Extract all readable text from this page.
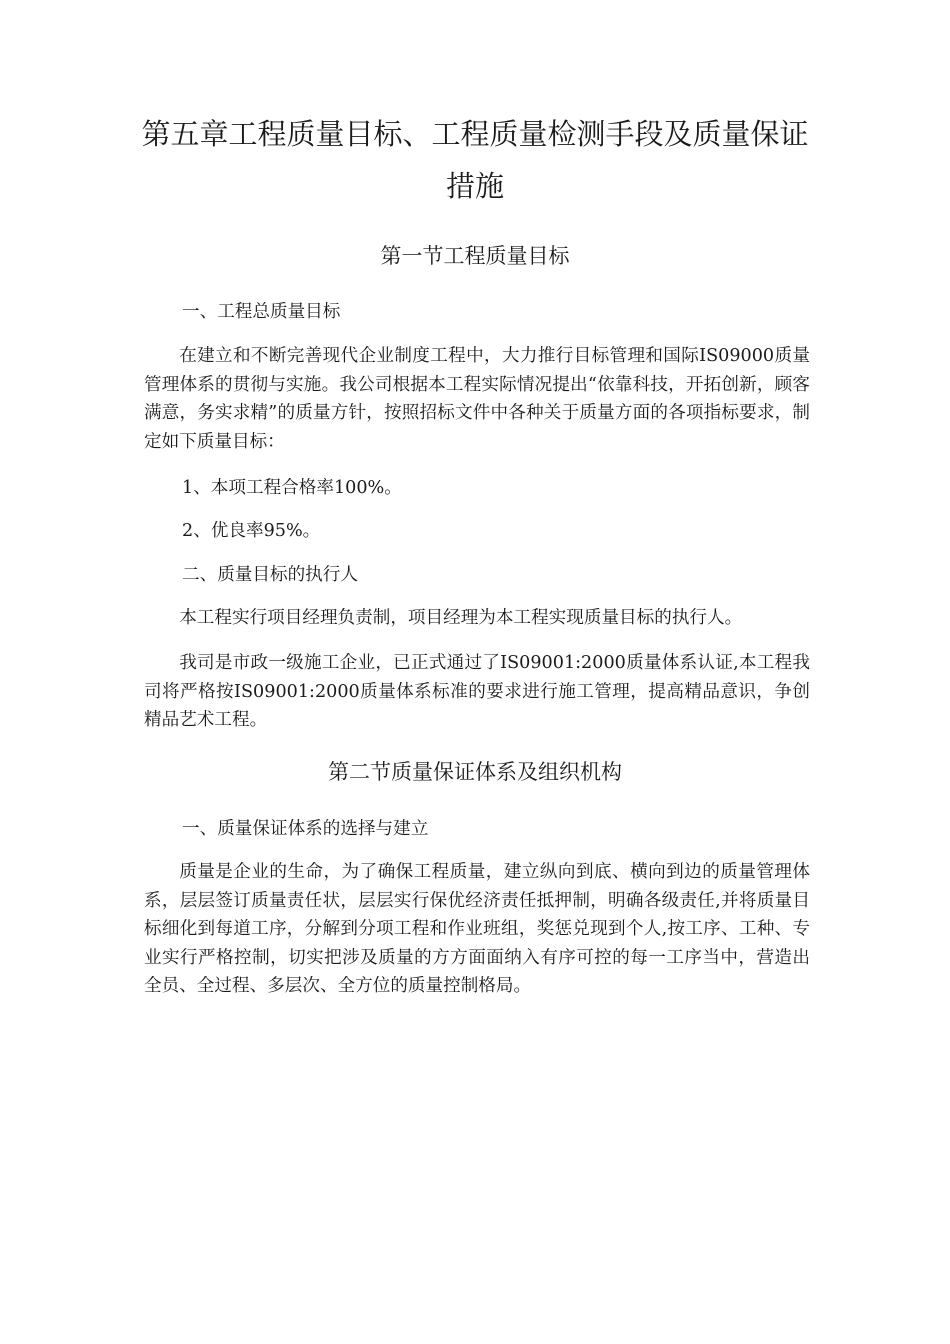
第五章工程质量目标、工程质量检测手段及质量保证措施
第一节工程质量目标

一、工程总质量目标

在建立和不断完善现代企业制度工程中，大力推行目标管理和国际IS09000质量管理体系的贯彻与实施。我公司根据本工程实际情况提出“依靠科技，开拓创新，顾客满意，务实求精”的质量方针，按照招标文件中各种关于质量方面的各项指标要求，制定如下质量目标：

1、本项工程合格率100%。

2、优良率95%。

二、质量目标的执行人

本工程实行项目经理负责制，项目经理为本工程实现质量目标的执行人。

我司是市政一级施工企业，已正式通过了IS09001:2000质量体系认证,本工程我司将严格按IS09001:2000质量体系标准的要求进行施工管理，提高精品意识，争创精品艺术工程。

第二节质量保证体系及组织机构

一、质量保证体系的选择与建立

质量是企业的生命，为了确保工程质量，建立纵向到底、横向到边的质量管理体系，层层签订质量责任状，层层实行保优经济责任抵押制，明确各级责任,并将质量目标细化到每道工序，分解到分项工程和作业班组，奖惩兑现到个人,按工序、工种、专业实行严格控制，切实把涉及质量的方方面面纳入有序可控的每一工序当中，营造出全员、全过程、多层次、全方位的质量控制格局。
